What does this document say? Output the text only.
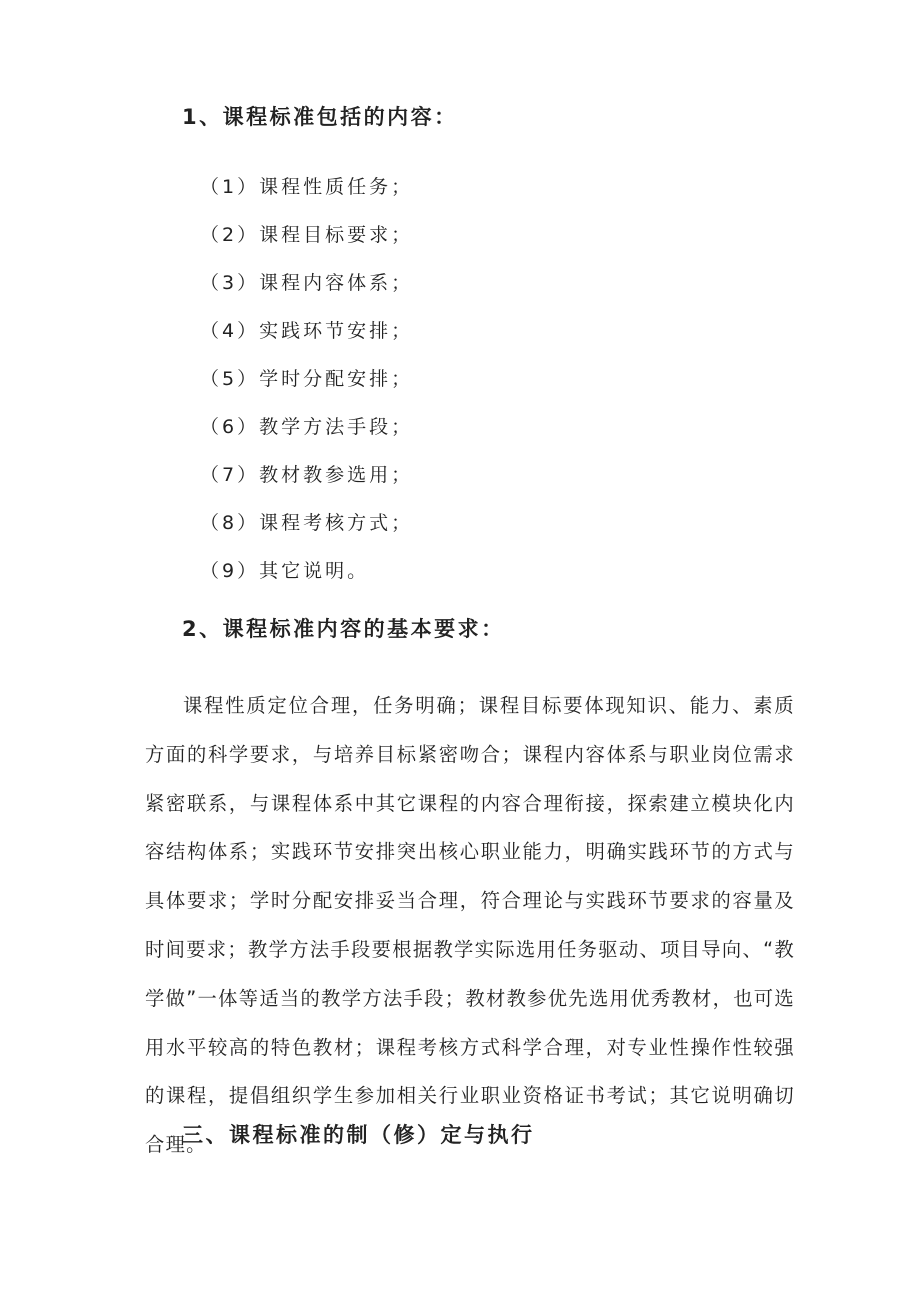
1、课程标准包括的内容：
（1）课程性质任务；
（2）课程目标要求；
（3）课程内容体系；
（4）实践环节安排；
（5）学时分配安排；
（6）教学方法手段；
（7）教材教参选用；
（8）课程考核方式；
（9）其它说明。
2、课程标准内容的基本要求：

课程性质定位合理，任务明确；课程目标要体现知识、能力、素质方面的科学要求，与培养目标紧密吻合；课程内容体系与职业岗位需求紧密联系，与课程体系中其它课程的内容合理衔接，探索建立模块化内容结构体系；实践环节安排突出核心职业能力，明确实践环节的方式与具体要求；学时分配安排妥当合理，符合理论与实践环节要求的容量及时间要求；教学方法手段要根据教学实际选用任务驱动、项目导向、“教学做”一体等适当的教学方法手段；教材教参优先选用优秀教材，也可选用水平较高的特色教材；课程考核方式科学合理，对专业性操作性较强的课程，提倡组织学生参加相关行业职业资格证书考试；其它说明确切合理。

三、课程标准的制（修）定与执行
